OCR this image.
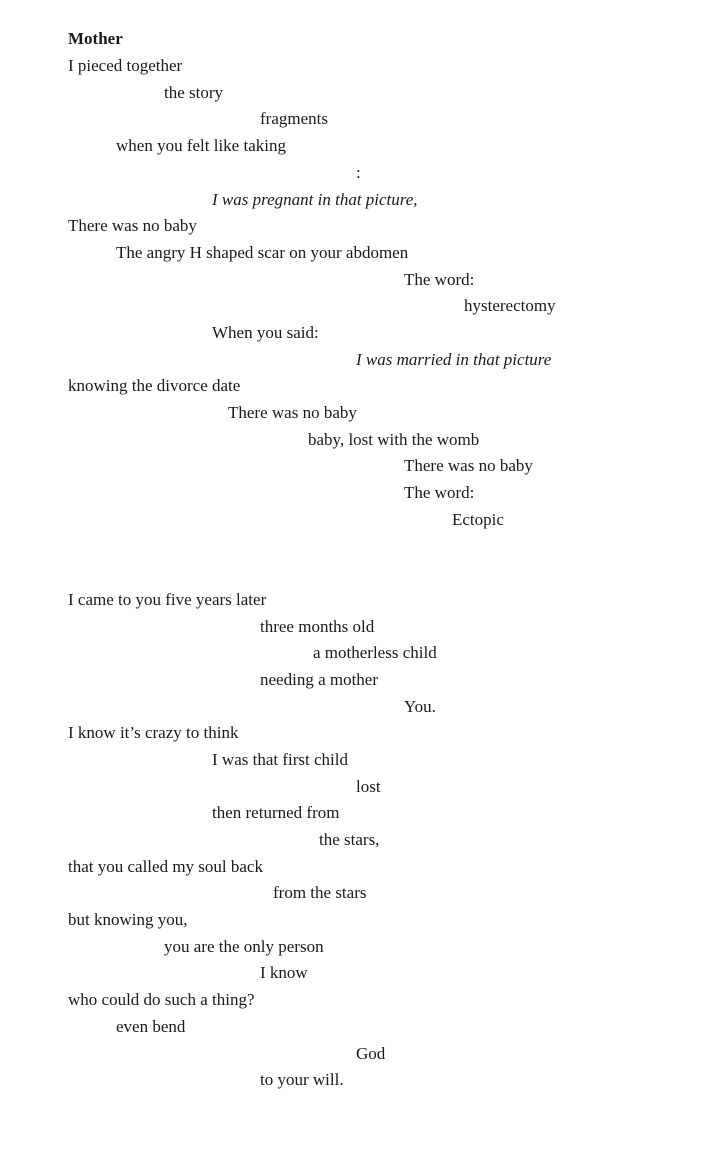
Mother
I pieced together
the story
fragments
when you felt like taking
:
I was pregnant in that picture,
There was no baby
The angry H shaped scar on your abdomen
The word:
hysterectomy
When you said:
I was married in that picture
knowing the divorce date
There was no baby
baby, lost with the womb
There was no baby
The word:
Ectopic
I came to you five years later
three months old
a motherless child
needing a mother
You.
I know it’s crazy to think
I was that first child
lost
then returned from
the stars,
that you called my soul back
from the stars
but knowing you,
you are the only person
I know
who could do such a thing?
even bend
God
to your will.
